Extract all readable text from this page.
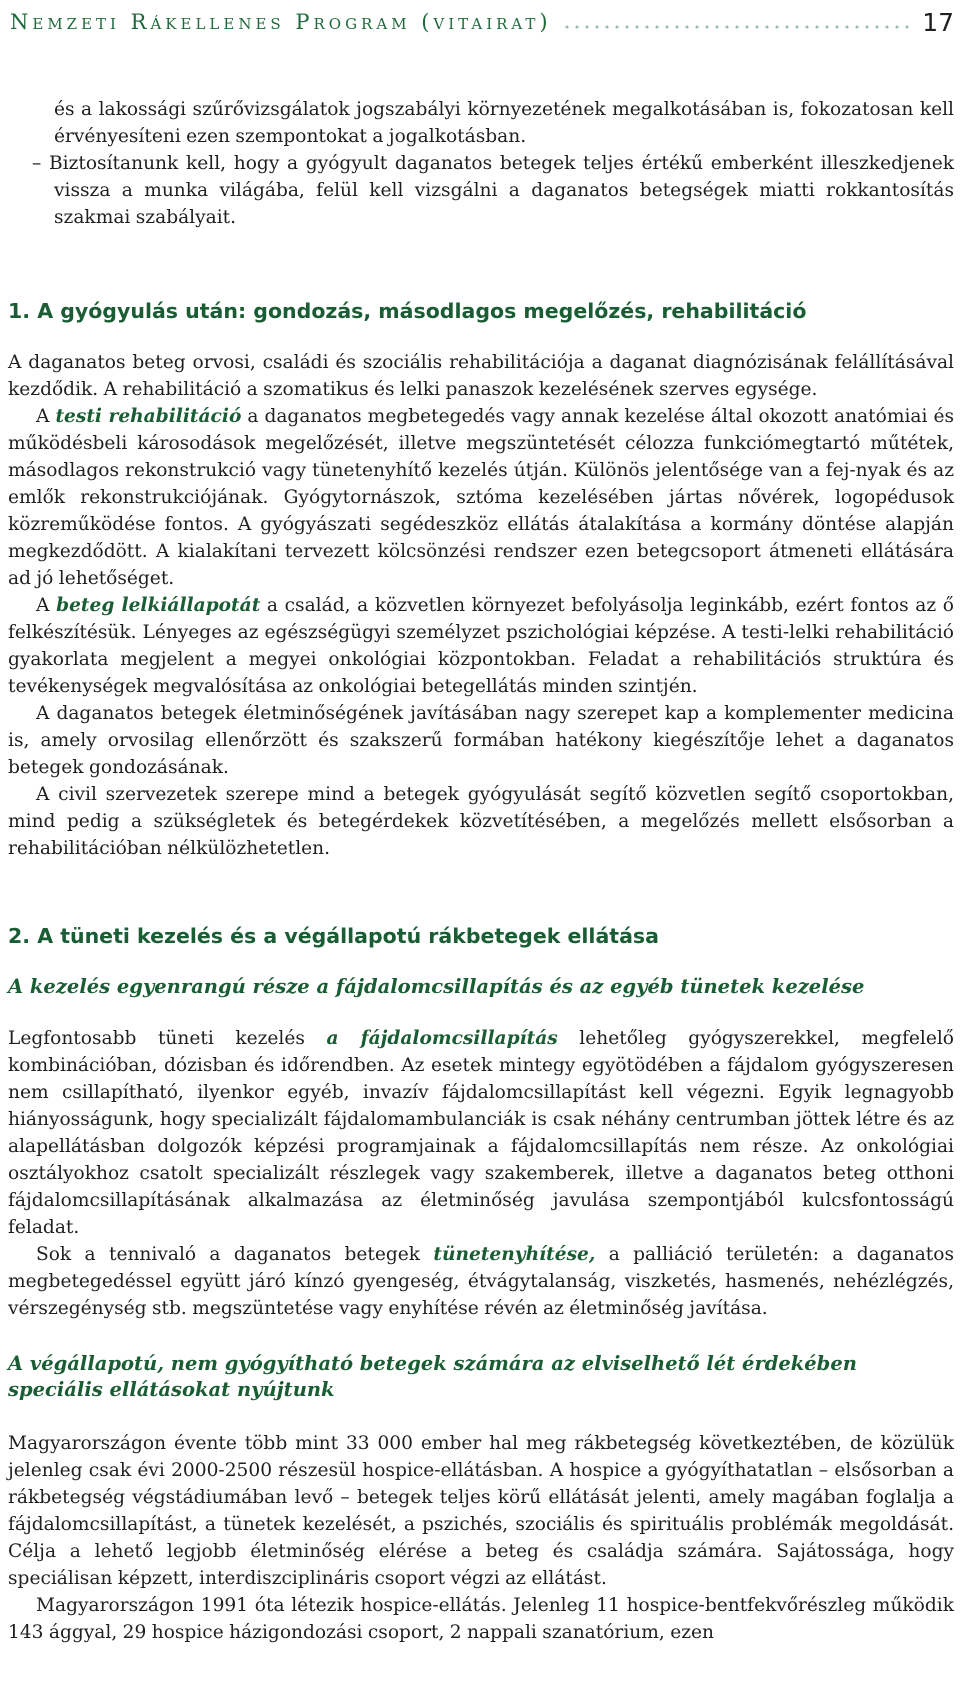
Nemzeti Rákellenes Program (vitairat)	17

és a lakossági szűrővizsgálatok jogszabályi környezetének megalkotásában is, fokozatosan kell érvényesíteni ezen szempontokat a jogalkotásban.

– Biztosítanunk kell, hogy a gyógyult daganatos betegek teljes értékű emberként illeszkedjenek vissza a munka világába, felül kell vizsgálni a daganatos betegségek miatti rokkantosítás szakmai szabályait.

1. A gyógyulás után: gondozás, másodlagos megelőzés, rehabilitáció

A daganatos beteg orvosi, családi és szociális rehabilitációja a daganat diagnózisának felállításával kezdődik. A rehabilitáció a szomatikus és lelki panaszok kezelésének szerves egysége.

A testi rehabilitáció a daganatos megbetegedés vagy annak kezelése által okozott anatómiai és működésbeli károsodások megelőzését, illetve megszüntetését célozza funkciómegtartó műtétek, másodlagos rekonstrukció vagy tünetenyhítő kezelés útján. Különös jelentősége van a fej-nyak és az emlők rekonstrukciójának. Gyógytornászok, sztóma kezelésében jártas nővérek, logopédusok közreműködése fontos. A gyógyászati segédeszköz ellátás átalakítása a kormány döntése alapján megkezdődött. A kialakítani tervezett kölcsönzési rendszer ezen betegcsoport átmeneti ellátására ad jó lehetőséget.

A beteg lelkiállapotát a család, a közvetlen környezet befolyásolja leginkább, ezért fontos az ő felkészítésük. Lényeges az egészségügyi személyzet pszichológiai képzése. A testi-lelki rehabilitáció gyakorlata megjelent a megyei onkológiai központokban. Feladat a rehabilitációs struktúra és tevékenységek megvalósítása az onkológiai betegellátás minden szintjén.

A daganatos betegek életminőségének javításában nagy szerepet kap a komplementer medicina is, amely orvosilag ellenőrzött és szakszerű formában hatékony kiegészítője lehet a daganatos betegek gondozásának.

A civil szervezetek szerepe mind a betegek gyógyulását segítő közvetlen segítő csoportokban, mind pedig a szükségletek és betegérdekek közvetítésében, a megelőzés mellett elsősorban a rehabilitációban nélkülözhetetlen.

2. A tüneti kezelés és a végállapotú rákbetegek ellátása
A kezelés egyenrangú része a fájdalomcsillapítás és az egyéb tünetek kezelése

Legfontosabb tüneti kezelés a fájdalomcsillapítás lehetőleg gyógyszerekkel, megfelelő kombinációban, dózisban és időrendben. Az esetek mintegy egyötödében a fájdalom gyógyszeresen nem csillapítható, ilyenkor egyéb, invazív fájdalomcsillapítást kell végezni. Egyik legnagyobb hiányosságunk, hogy specializált fájdalomambulanciák is csak néhány centrumban jöttek létre és az alapellátásban dolgozók képzési programjainak a fájdalomcsillapítás nem része. Az onkológiai osztályokhoz csatolt specializált részlegek vagy szakemberek, illetve a daganatos beteg otthoni fájdalomcsillapításának alkalmazása az életminőség javulása szempontjából kulcsfontosságú feladat.

Sok a tennivaló a daganatos betegek tünetenyhítése, a palliáció területén: a daganatos megbetegedéssel együtt járó kínzó gyengeség, étvágytalanság, viszketés, hasmenés, nehézlégzés, vérszegénység stb. megszüntetése vagy enyhítése révén az életminőség javítása.

A végállapotú, nem gyógyítható betegek számára az elviselhető lét érdekében speciális ellátásokat nyújtunk

Magyarországon évente több mint 33 000 ember hal meg rákbetegség következtében, de közülük jelenleg csak évi 2000-2500 részesül hospice-ellátásban. A hospice a gyógyíthatatlan – elsősorban a rákbetegség végstádiumában levő – betegek teljes körű ellátását jelenti, amely magában foglalja a fájdalomcsillapítást, a tünetek kezelését, a pszichés, szociális és spirituális problémák megoldását. Célja a lehető legjobb életminőség elérése a beteg és családja számára. Sajátossága, hogy speciálisan képzett, interdiszciplináris csoport végzi az ellátást.

Magyarországon 1991 óta létezik hospice-ellátás. Jelenleg 11 hospice-bentfekvőrészleg működik 143 ággyal, 29 hospice házigondozási csoport, 2 nappali szanatórium, ezen
